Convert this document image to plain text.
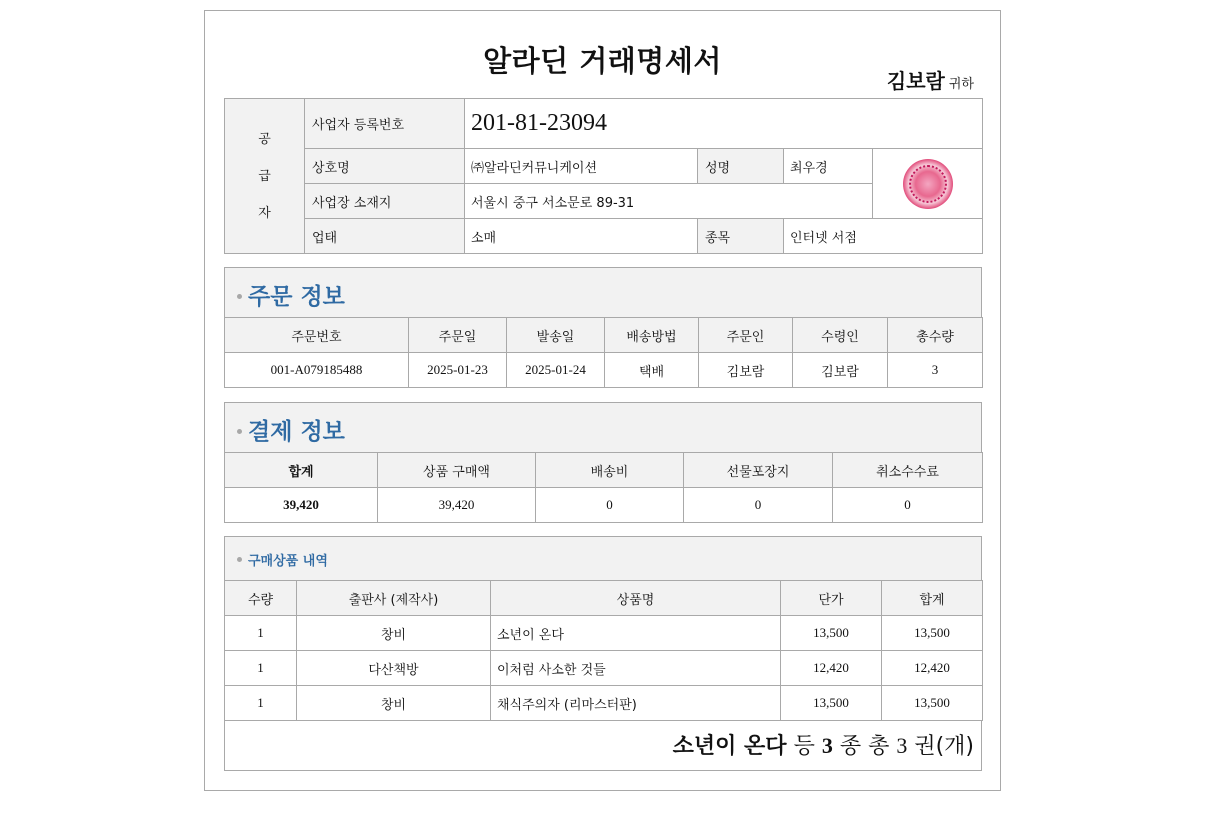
알라딘 거래명세서
김보람 귀하
공
급
자	사업자 등록번호	201-81-23094			
	상호명	㈜알라딘커뮤니케이션	성명	최우경	

	사업장 소재지	서울시 중구 서소문로 89-31			
	업태	소매	종목	인터넷 서점	
주문 정보
주문번호	주문일	발송일	배송방법	주문인	수령인	총수량
001-A079185488	2025-01-23	2025-01-24	택배	김보람	김보람	3
결제 정보
합계	상품 구매액	배송비	선물포장지	취소수수료
39,420	39,420	0	0	0
구매상품 내역
수량	출판사 (제작사)	상품명	단가	합계
1	창비	소년이 온다	13,500	13,500
1	다산책방	이처럼 사소한 것들	12,420	12,420
1	창비	채식주의자 (리마스터판)	13,500	13,500
소년이 온다 등 3 종 총 3 권(개)
